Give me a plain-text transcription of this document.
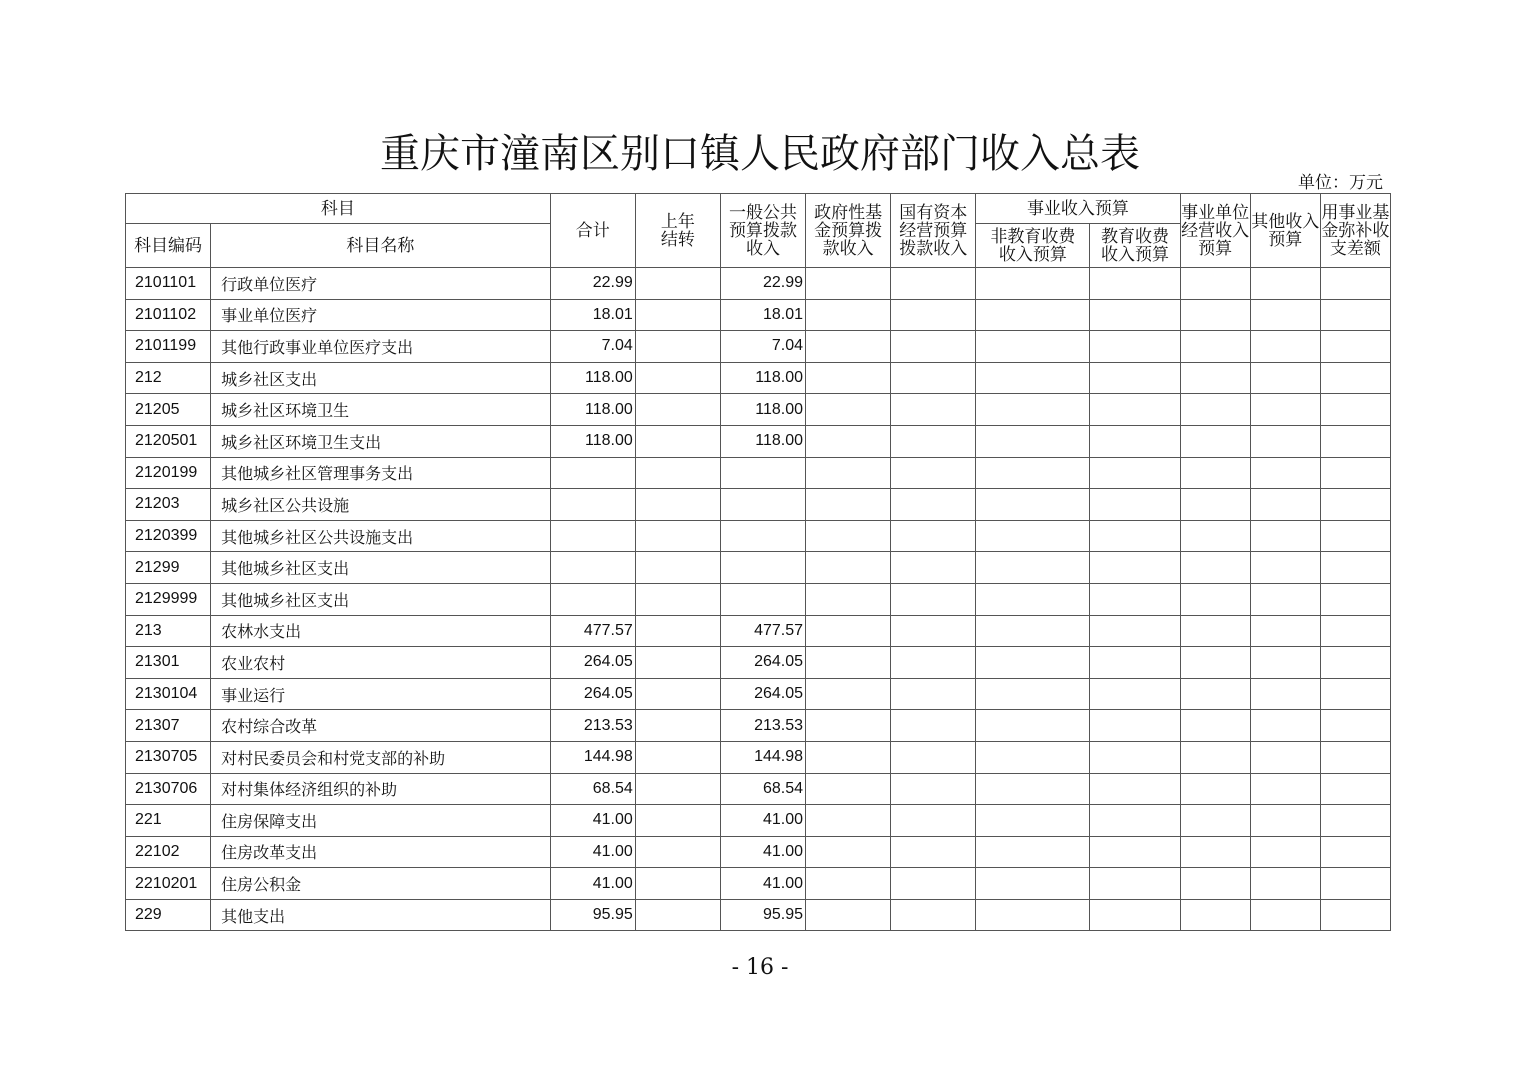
重庆市潼南区别口镇人民政府部门收入总表
单位：万元
科目		合计	上年结转	一般公共预算拨款收入	政府性基金预算拨款收入	国有资本经营预算拨款收入	事业收入预算		事业单位经营收入预算	其他收入预算	用事业基金弥补收支差额
科目编码	科目名称						非教育收费收入预算	教育收费收入预算			
2101101	行政单位医疗	22.99		22.99							
2101102	事业单位医疗	18.01		18.01							
2101199	其他行政事业单位医疗支出	7.04		7.04							
212	城乡社区支出	118.00		118.00							
21205	城乡社区环境卫生	118.00		118.00							
2120501	城乡社区环境卫生支出	118.00		118.00							
2120199	其他城乡社区管理事务支出										
21203	城乡社区公共设施										
2120399	其他城乡社区公共设施支出										
21299	其他城乡社区支出										
2129999	其他城乡社区支出										
213	农林水支出	477.57		477.57							
21301	农业农村	264.05		264.05							
2130104	事业运行	264.05		264.05							
21307	农村综合改革	213.53		213.53							
2130705	对村民委员会和村党支部的补助	144.98		144.98							
2130706	对村集体经济组织的补助	68.54		68.54							
221	住房保障支出	41.00		41.00							
22102	住房改革支出	41.00		41.00							
2210201	住房公积金	41.00		41.00							
229	其他支出	95.95		95.95							
- 16 -
